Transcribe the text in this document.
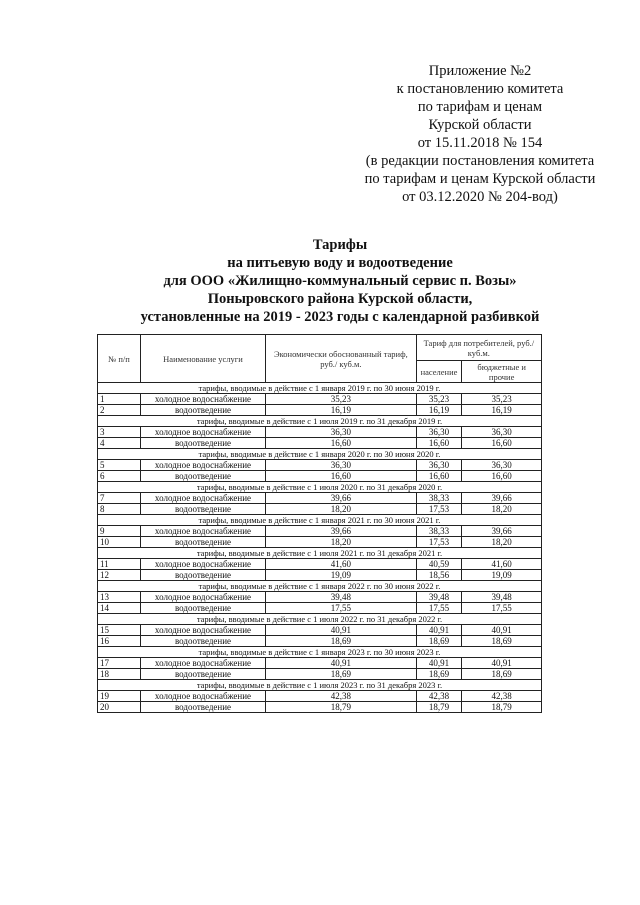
Приложение №2
к постановлению комитета
по тарифам и ценам
Курской области
от 15.11.2018 № 154
(в редакции постановления комитета
по тарифам и ценам Курской области
от 03.12.2020 № 204-вод)
Тарифы
на питьевую воду и водоотведение
для ООО «Жилищно-коммунальный сервис п. Возы»
Поныровского района Курской области,
установленные на 2019 - 2023 годы с календарной разбивкой
№ п/п	Наименование услуги	Экономически обоснованный тариф, руб./ куб.м.	Тариф для потребителей, руб./куб.м.	
			население	бюджетные и прочие
тарифы, вводимые в действие с 1 января 2019 г. по 30 июня 2019 г.				
1	холодное водоснабжение	35,23	35,23	35,23
2	водоотведение	16,19	16,19	16,19
тарифы, вводимые в действие с 1 июля 2019 г. по 31 декабря 2019 г.				
3	холодное водоснабжение	36,30	36,30	36,30
4	водоотведение	16,60	16,60	16,60
тарифы, вводимые в действие с 1 января 2020 г. по 30 июня 2020 г.				
5	холодное водоснабжение	36,30	36,30	36,30
6	водоотведение	16,60	16,60	16,60
тарифы, вводимые в действие с 1 июля 2020 г. по 31 декабря 2020 г.				
7	холодное водоснабжение	39,66	38,33	39,66
8	водоотведение	18,20	17,53	18,20
тарифы, вводимые в действие с 1 января 2021 г. по 30 июня 2021 г.				
9	холодное водоснабжение	39,66	38,33	39,66
10	водоотведение	18,20	17,53	18,20
тарифы, вводимые в действие с 1 июля 2021 г. по 31 декабря 2021 г.				
11	холодное водоснабжение	41,60	40,59	41,60
12	водоотведение	19,09	18,56	19,09
тарифы, вводимые в действие с 1 января 2022 г. по 30 июня 2022 г.				
13	холодное водоснабжение	39,48	39,48	39,48
14	водоотведение	17,55	17,55	17,55
тарифы, вводимые в действие с 1 июля 2022 г. по 31 декабря 2022 г.				
15	холодное водоснабжение	40,91	40,91	40,91
16	водоотведение	18,69	18,69	18,69
тарифы, вводимые в действие с 1 января 2023 г. по 30 июня 2023 г.				
17	холодное водоснабжение	40,91	40,91	40,91
18	водоотведение	18,69	18,69	18,69
тарифы, вводимые в действие с 1 июля 2023 г. по 31 декабря 2023 г.				
19	холодное водоснабжение	42,38	42,38	42,38
20	водоотведение	18,79	18,79	18,79
